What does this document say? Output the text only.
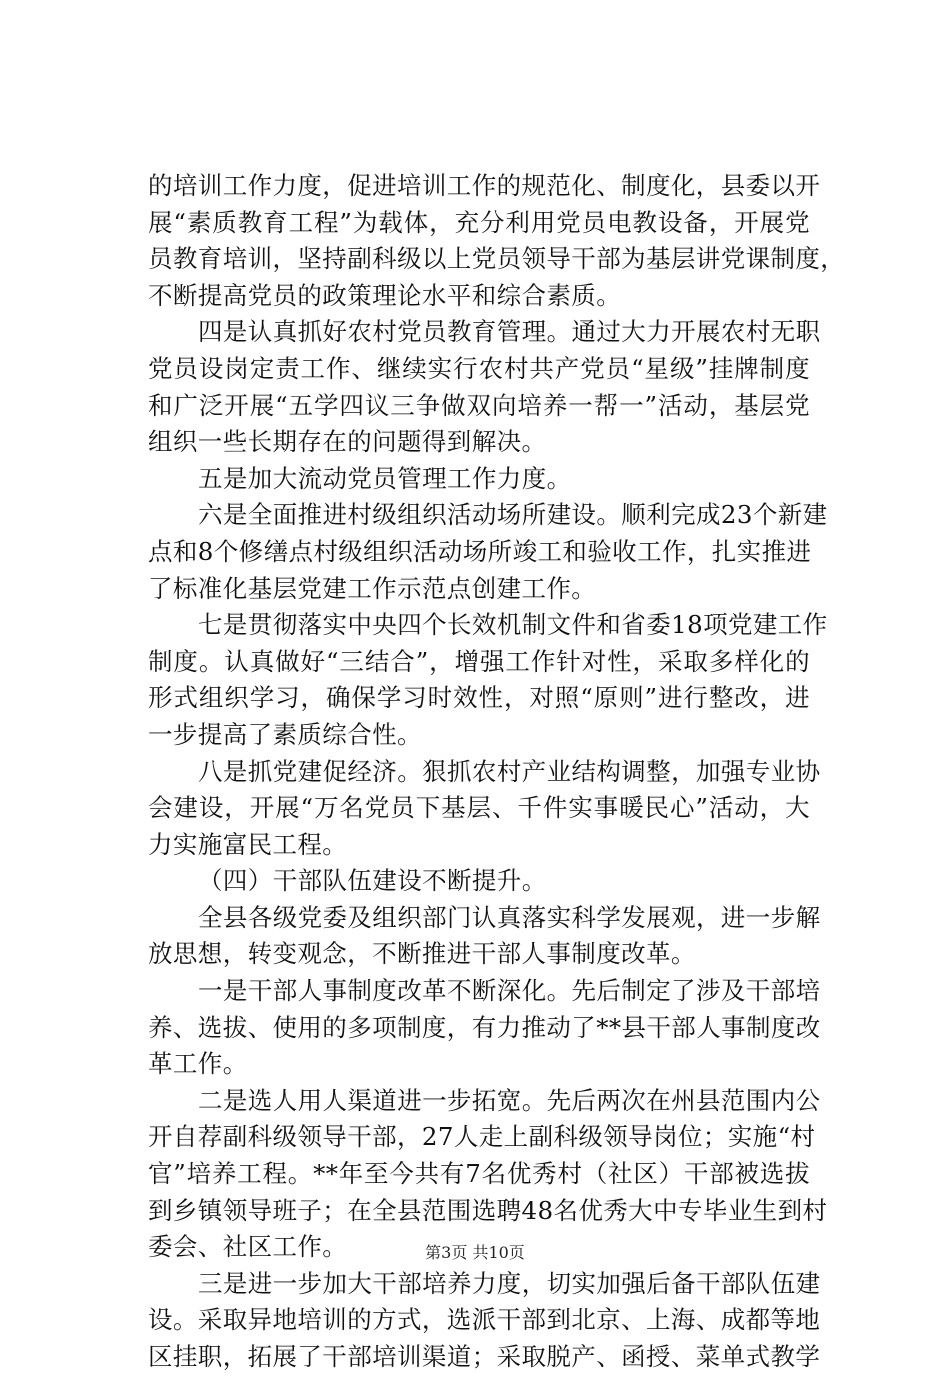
的培训工作力度，促进培训工作的规范化、制度化，县委以开
展“素质教育工程”为载体，充分利用党员电教设备，开展党
员教育培训，坚持副科级以上党员领导干部为基层讲党课制度，
不断提高党员的政策理论水平和综合素质。
四是认真抓好农村党员教育管理。通过大力开展农村无职
党员设岗定责工作、继续实行农村共产党员“星级”挂牌制度
和广泛开展“五学四议三争做双向培养一帮一”活动，基层党
组织一些长期存在的问题得到解决。
五是加大流动党员管理工作力度。
六是全面推进村级组织活动场所建设。顺利完成23个新建
点和8个修缮点村级组织活动场所竣工和验收工作，扎实推进
了标准化基层党建工作示范点创建工作。
七是贯彻落实中央四个长效机制文件和省委18项党建工作
制度。认真做好“三结合”，增强工作针对性，采取多样化的
形式组织学习，确保学习时效性，对照“原则”进行整改，进
一步提高了素质综合性。
八是抓党建促经济。狠抓农村产业结构调整，加强专业协
会建设，开展“万名党员下基层、千件实事暖民心”活动，大
力实施富民工程。
（四）干部队伍建设不断提升。
全县各级党委及组织部门认真落实科学发展观，进一步解
放思想，转变观念，不断推进干部人事制度改革。
一是干部人事制度改革不断深化。先后制定了涉及干部培
养、选拔、使用的多项制度，有力推动了**县干部人事制度改
革工作。
二是选人用人渠道进一步拓宽。先后两次在州县范围内公
开自荐副科级领导干部，27人走上副科级领导岗位；实施“村
官”培养工程。**年至今共有7名优秀村（社区）干部被选拔
到乡镇领导班子；在全县范围选聘48名优秀大中专毕业生到村
委会、社区工作。
三是进一步加大干部培养力度，切实加强后备干部队伍建
设。采取异地培训的方式，选派干部到北京、上海、成都等地
区挂职，拓展了干部培训渠道；采取脱产、函授、菜单式教学
第3页 共10页
